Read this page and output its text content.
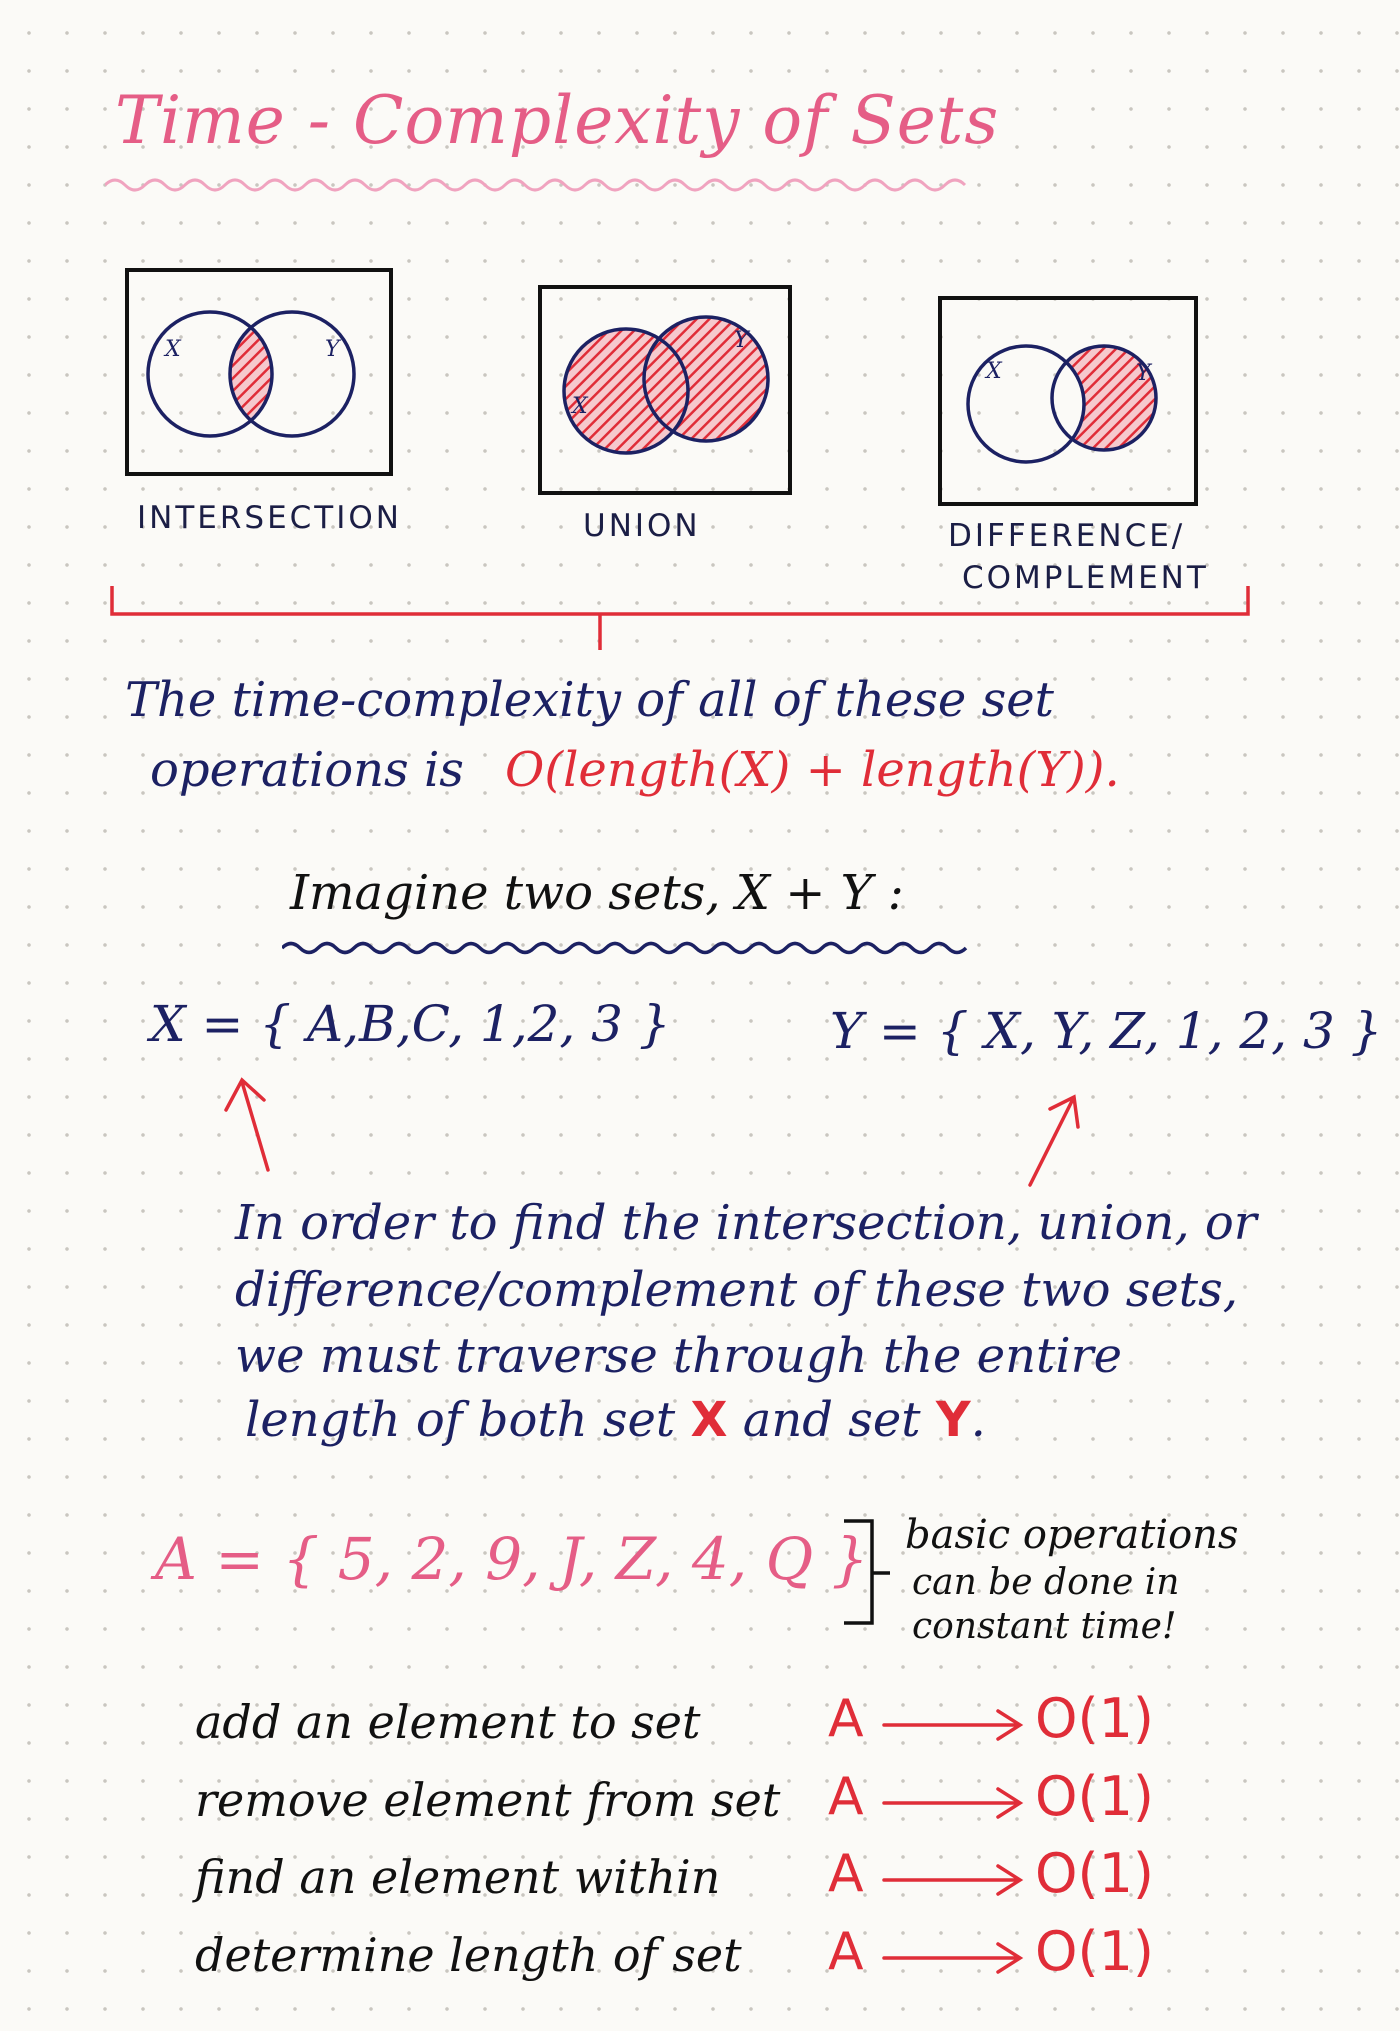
Time - Complexity of Sets
X	Y
INTERSECTION
X
Y
UNION
X	Y
DIFFERENCE/
COMPLEMENT
The time-complexity of all of these set
operations is O(length(X) + length(Y)).
Imagine two sets, X + Y :
X = { A,B,C, 1,2, 3 }	Y = { X, Y, Z, 1, 2, 3 }
In order to find the intersection, union, or
difference/complement of these two sets,
we must traverse through the entire
length of both set X and set Y.
A = { 5, 2, 9, J, Z, 4, Q } basic operations
can be done in
constant time!
add an element to set A	O(1)
remove element from set A	O(1)
find an element within A	O(1)
determine length of set A	O(1)
